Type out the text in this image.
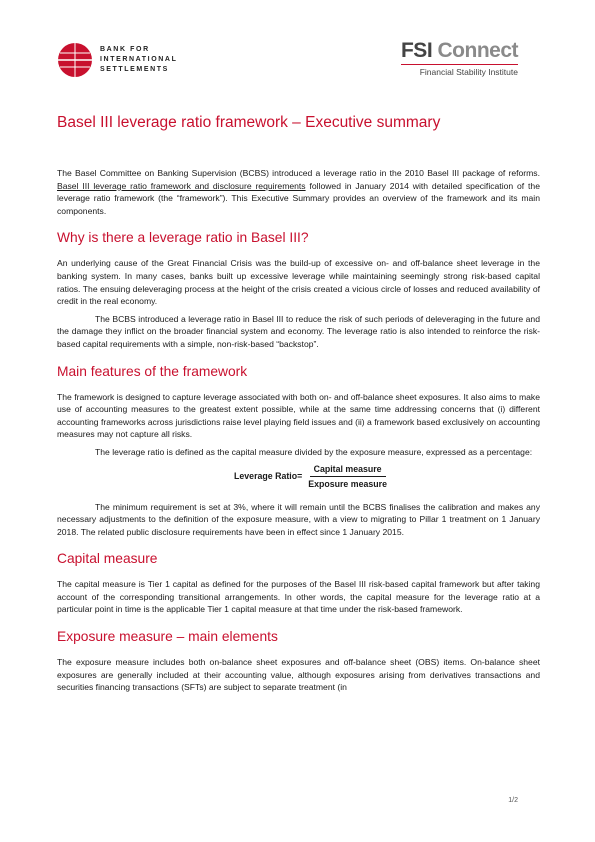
BANK FOR
INTERNATIONAL
SETTLEMENTS
FSI Connect
Financial Stability Institute
Basel III leverage ratio framework – Executive summary

The Basel Committee on Banking Supervision (BCBS) introduced a leverage ratio in the 2010 Basel III package of reforms. Basel III leverage ratio framework and disclosure requirements followed in January 2014 with detailed specification of the leverage ratio framework (the “framework”). This Executive Summary provides an overview of the framework and its main components.

Why is there a leverage ratio in Basel III?

An underlying cause of the Great Financial Crisis was the build-up of excessive on- and off-balance sheet leverage in the banking system. In many cases, banks built up excessive leverage while maintaining seemingly strong risk-based capital ratios. The ensuing deleveraging process at the height of the crisis created a vicious circle of losses and reduced availability of credit in the real economy.

The BCBS introduced a leverage ratio in Basel III to reduce the risk of such periods of deleveraging in the future and the damage they inflict on the broader financial system and economy. The leverage ratio is also intended to reinforce the risk-based capital requirements with a simple, non-risk-based “backstop”.

Main features of the framework

The framework is designed to capture leverage associated with both on- and off-balance sheet exposures. It also aims to make use of accounting measures to the greatest extent possible, while at the same time addressing concerns that (i) different accounting frameworks across jurisdictions raise level playing field issues and (ii) a framework based exclusively on accounting measures may not capture all risks.

The leverage ratio is defined as the capital measure divided by the exposure measure, expressed as a percentage:

Leverage Ratio= $\frac{\text{Capital measure}}{\text{Exposure measure}}$

The minimum requirement is set at 3%, where it will remain until the BCBS finalises the calibration and makes any necessary adjustments to the definition of the exposure measure, with a view to migrating to Pillar 1 treatment on 1 January 2018. The related public disclosure requirements have been in effect since 1 January 2015.

Capital measure

The capital measure is Tier 1 capital as defined for the purposes of the Basel III risk-based capital framework but after taking account of the corresponding transitional arrangements. In other words, the capital measure for the leverage ratio at a particular point in time is the applicable Tier 1 capital measure at that time under the risk-based framework.

Exposure measure – main elements

The exposure measure includes both on-balance sheet exposures and off-balance sheet (OBS) items. On-balance sheet exposures are generally included at their accounting value, although exposures arising from derivatives transactions and securities financing transactions (SFTs) are subject to separate treatment (in

1/2
